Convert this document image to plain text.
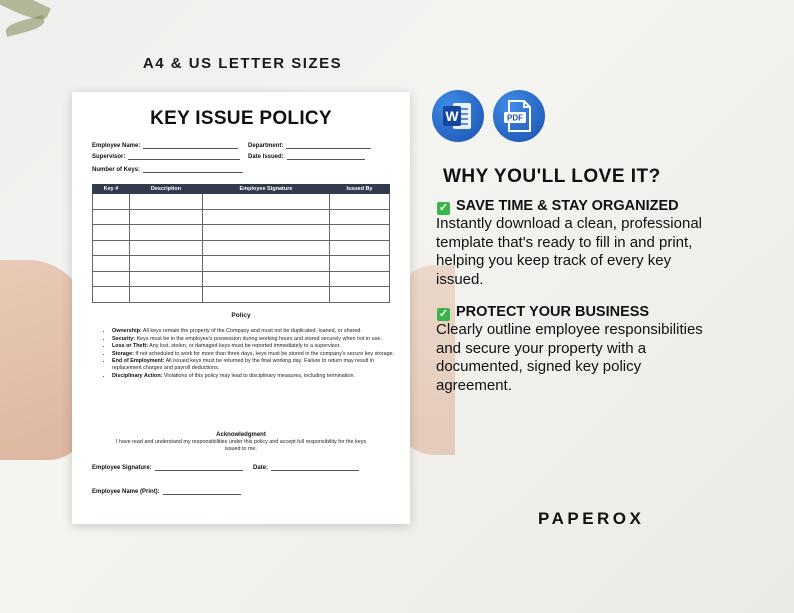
A4 & US LETTER SIZES
KEY ISSUE POLICY
Employee Name:	Department:
Supervisor:	Date Issued:
Number of Keys:
Key #	Description	Employee Signature	Issued By

Policy
• Ownership: All keys remain the property of the Company and must not be duplicated, loaned, or shared.
• Security: Keys must be in the employee's possession during working hours and stored securely when not in use.
• Loss or Theft: Any lost, stolen, or damaged keys must be reported immediately to a supervisor.
• Storage: If not scheduled to work for more than three days, keys must be stored in the company's secure key storage.
• End of Employment: All issued keys must be returned by the final working day. Failure to return may result in replacement charges and payroll deductions.
• Disciplinary Action: Violations of this policy may lead to disciplinary measures, including termination.
Acknowledgment
I have read and understand my responsibilities under this policy and accept full responsibility for the keys issued to me.
Employee Signature:	Date:
Employee Name (Print):
W	PDF
WHY YOU'LL LOVE IT?
✓ SAVE TIME & STAY ORGANIZED
Instantly download a clean, professional
template that's ready to fill in and print,
helping you keep track of every key
issued.
✓ PROTECT YOUR BUSINESS
Clearly outline employee responsibilities
and secure your property with a
documented, signed key policy
agreement.
PAPEROX
